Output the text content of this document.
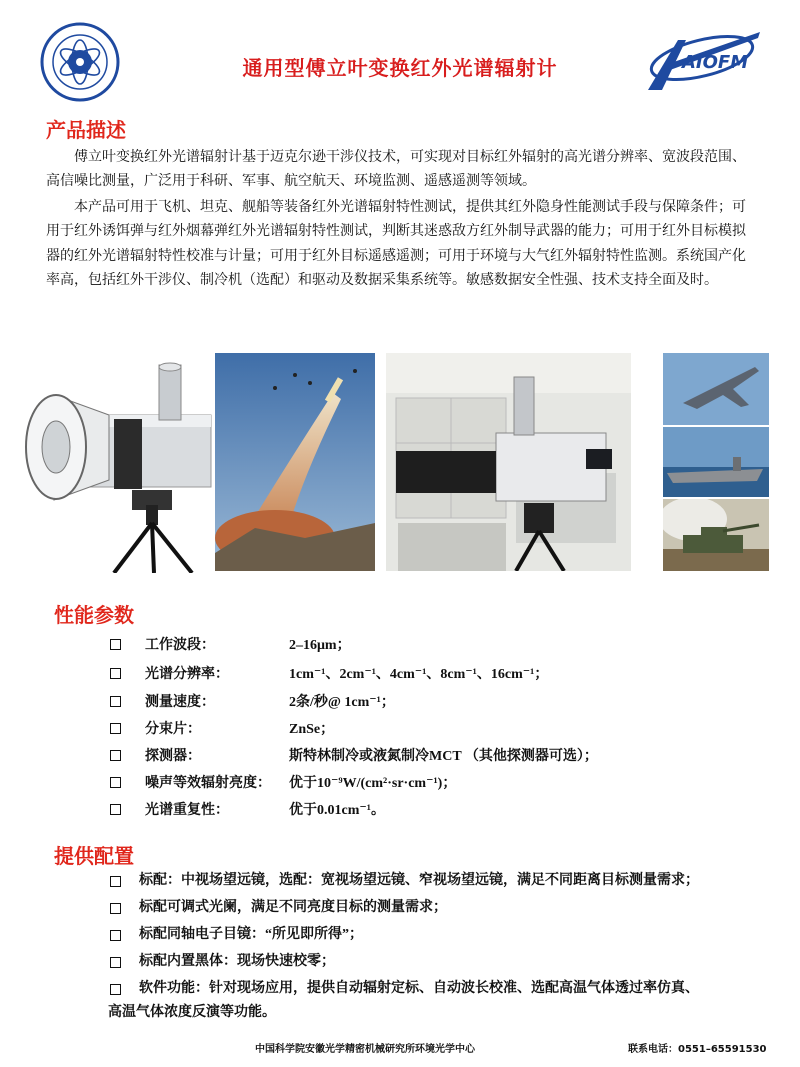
通用型傅立叶变换红外光谱辐射计	AIOFM
产品描述

傅立叶变换红外光谱辐射计基于迈克尔逊干涉仪技术，可实现对目标红外辐射的高光谱分辨率、宽波段范围、高信噪比测量，广泛用于科研、军事、航空航天、环境监测、遥感遥测等领域。

本产品可用于飞机、坦克、舰船等装备红外光谱辐射特性测试，提供其红外隐身性能测试手段与保障条件；可用于红外诱饵弹与红外烟幕弹红外光谱辐射特性测试，判断其迷惑敌方红外制导武器的能力；可用于红外目标模拟器的红外光谱辐射特性校准与计量；可用于红外目标遥感遥测；可用于环境与大气红外辐射特性监测。系统国产化率高，包括红外干涉仪、制冷机（选配）和驱动及数据采集系统等。敏感数据安全性强、技术支持全面及时。

性能参数
工作波段：	2–16μm；
光谱分辨率：	1cm⁻¹、2cm⁻¹、4cm⁻¹、8cm⁻¹、16cm⁻¹；
测量速度：	2条/秒@ 1cm⁻¹；
分束片：	ZnSe；
探测器：	斯特林制冷或液氮制冷MCT （其他探测器可选）；
噪声等效辐射亮度：	优于10⁻⁹W/(cm²·sr·cm⁻¹)；
光谱重复性：	优于0.01cm⁻¹。
提供配置
标配：中视场望远镜，选配：宽视场望远镜、窄视场望远镜，满足不同距离目标测量需求；
标配可调式光阑，满足不同亮度目标的测量需求；
标配同轴电子目镜：“所见即所得”；
标配内置黑体：现场快速校零；
软件功能：针对现场应用，提供自动辐射定标、自动波长校准、选配高温气体透过率仿真、
高温气体浓度反演等功能。
中国科学院安徽光学精密机械研究所环境光学中心	联系电话：0551–65591530
